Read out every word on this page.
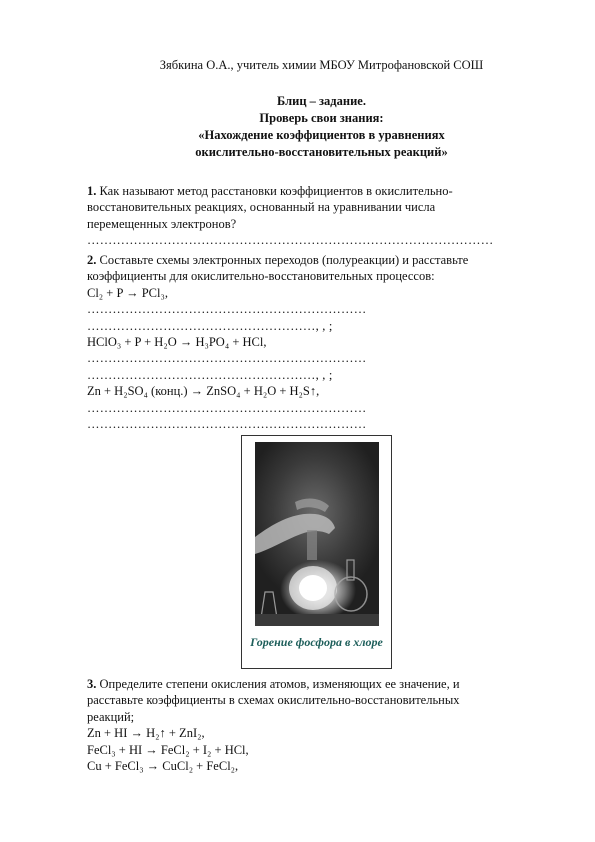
Зябкина О.А., учитель химии МБОУ Митрофановской СОШ
Блиц – задание.
Проверь свои знания:
«Нахождение коэффициентов в уравнениях
окислительно-восстановительных реакций»
1. Как называют метод расстановки коэффициентов в окислительно-
восстановительных реакциях, основанный на уравнивании числа
перемещенных электронов?
……………………………………………………………………………………
2. Составьте схемы электронных переходов (полуреакции) и расставьте
коэффициенты для окислительно-восстановительных процессов:
Cl₂ + P → PCl₃,
…………………………………………………………
………………………………………………, , ;
HClO₃ + P + H₂O → H₃PO₄ + HCl,
…………………………………………………………
………………………………………………, , ;
Zn + H₂SO₄ (конц.) → ZnSO₄ + H₂O + H₂S↑,
…………………………………………………………
…………………………………………………………
Горение фосфора в хлоре
3. Определите степени окисления атомов, изменяющих ее значение, и
расставьте коэффициенты в схемах окислительно-восстановительных
реакций;
Zn + HI → H₂↑ + ZnI₂,
FeCl₃ + HI → FeCl₂ + I₂ + HCl,
Cu + FeCl₃ → CuCl₂ + FeCl₂,
